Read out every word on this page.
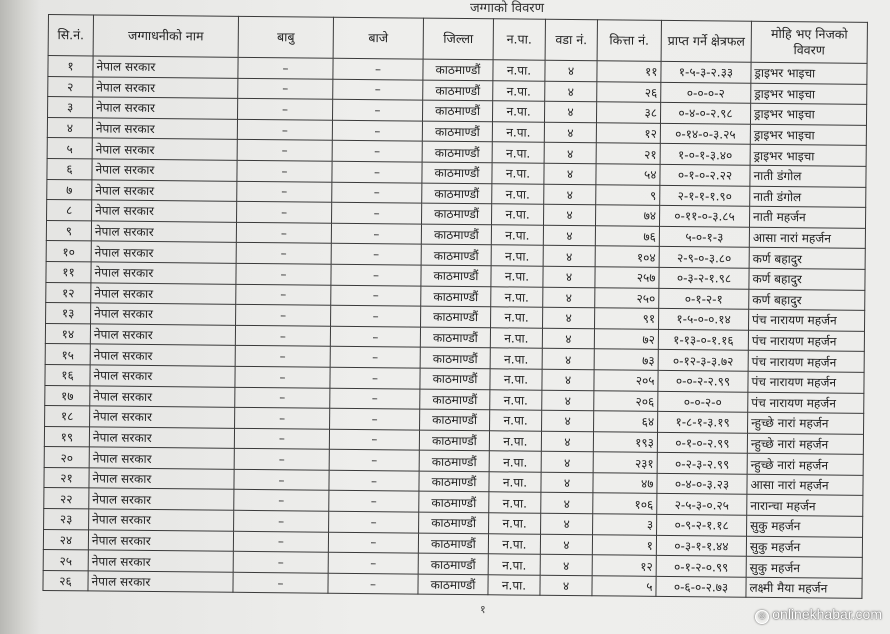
जग्गाको विवरण
सि.नं.	जग्गाधनीको नाम	बाबु	बाजे	जिल्ला	न.पा.	वडा नं.	कित्ता नं.	प्राप्त गर्ने क्षेत्रफल	मोहि भए निजको विवरण
१	नेपाल सरकार	–	–	काठमाण्डौं	न.पा.	४	११	१-५-३-२.३३	ड्राइभर भाइचा
२	नेपाल सरकार	–	–	काठमाण्डौं	न.पा.	४	२६	०-०-०-२	ड्राइभर भाइचा
३	नेपाल सरकार	–	–	काठमाण्डौं	न.पा.	४	३८	०-४-०-२.९८	ड्राइभर भाइचा
४	नेपाल सरकार	–	–	काठमाण्डौं	न.पा.	४	१२	०-१४-०-३.२५	ड्राइभर भाइचा
५	नेपाल सरकार	–	–	काठमाण्डौं	न.पा.	४	२१	१-०-१-३.४०	ड्राइभर भाइचा
६	नेपाल सरकार	–	–	काठमाण्डौं	न.पा.	४	५४	०-१-०-२.२२	नाती डंगोल
७	नेपाल सरकार	–	–	काठमाण्डौं	न.पा.	४	९	२-१-१-१.९०	नाती डंगोल
८	नेपाल सरकार	–	–	काठमाण्डौं	न.पा.	४	७४	०-११-०-३.८५	नाती महर्जन
९	नेपाल सरकार	–	–	काठमाण्डौं	न.पा.	४	७६	५-०-१-३	आसा नारां महर्जन
१०	नेपाल सरकार	–	–	काठमाण्डौं	न.पा.	४	१०४	२-९-०-३.८०	कर्ण बहादुर
११	नेपाल सरकार	–	–	काठमाण्डौं	न.पा.	४	२५७	०-३-२-१.९८	कर्ण बहादुर
१२	नेपाल सरकार	–	–	काठमाण्डौं	न.पा.	४	२५०	०-१-२-१	कर्ण बहादुर
१३	नेपाल सरकार	–	–	काठमाण्डौं	न.पा.	४	९१	१-५-०-०.१४	पंच नारायण महर्जन
१४	नेपाल सरकार	–	–	काठमाण्डौं	न.पा.	४	७२	१-१३-०-१.१६	पंच नारायण महर्जन
१५	नेपाल सरकार	–	–	काठमाण्डौं	न.पा.	४	७३	०-१२-३-३.७२	पंच नारायण महर्जन
१६	नेपाल सरकार	–	–	काठमाण्डौं	न.पा.	४	२०५	०-०-२-२.९९	पंच नारायण महर्जन
१७	नेपाल सरकार	–	–	काठमाण्डौं	न.पा.	४	२०६	०-०-२-०	पंच नारायण महर्जन
१८	नेपाल सरकार	–	–	काठमाण्डौं	न.पा.	४	६४	१-८-१-३.१९	न्हुच्छे नारां महर्जन
१९	नेपाल सरकार	–	–	काठमाण्डौं	न.पा.	४	१९३	०-१-०-२.९९	न्हुच्छे नारां महर्जन
२०	नेपाल सरकार	–	–	काठमाण्डौं	न.पा.	४	२३१	०-२-३-२.९९	न्हुच्छे नारां महर्जन
२१	नेपाल सरकार	–	–	काठमाण्डौं	न.पा.	४	४७	०-४-०-३.२३	आसा नारां महर्जन
२२	नेपाल सरकार	–	–	काठमाण्डौं	न.पा.	४	१०६	२-५-३-०.२५	नारान्चा महर्जन
२३	नेपाल सरकार	–	–	काठमाण्डौं	न.पा.	४	३	०-९-२-१.१८	सुकु महर्जन
२४	नेपाल सरकार	–	–	काठमाण्डौं	न.पा.	४	१	०-३-१-१.४४	सुकु महर्जन
२५	नेपाल सरकार	–	–	काठमाण्डौं	न.पा.	४	१२	०-१-२-०.९९	सुकु महर्जन
२६	नेपाल सरकार	–	–	काठमाण्डौं	न.पा.	४	५	०-६-०-२.७३	लक्ष्मी मैया महर्जन
१	© onlinekhabar.com
